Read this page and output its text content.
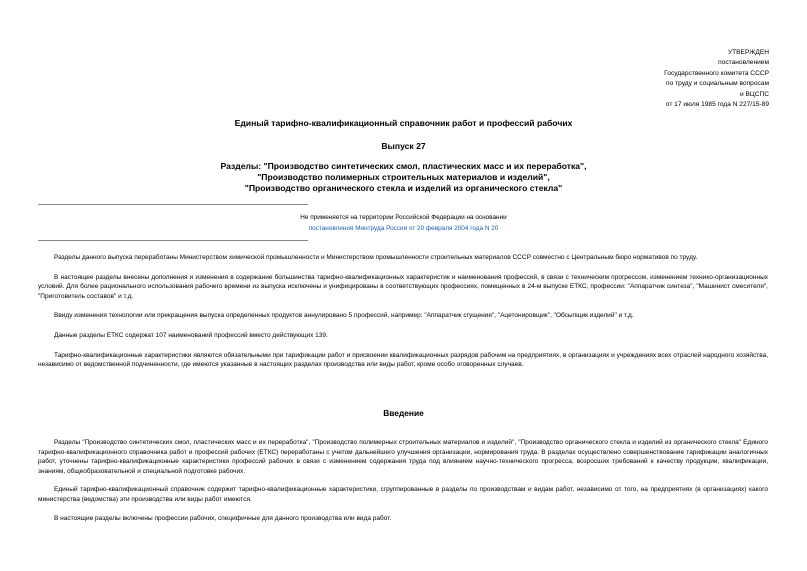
УТВЕРЖДЕН
постановлением
Государственного комитета СССР
по труду и социальным вопросам
и ВЦСПС
от 17 июля 1985 года N 227/15-89
Единый тарифно-квалификационный справочник работ и профессий рабочих
Выпуск 27
Разделы: "Производство синтетических смол, пластических масс и их переработка",
"Производство полимерных строительных материалов и изделий",
"Производство органического стекла и изделий из органического стекла"
Не применяется на территории Российской Федерации на основании
постановления Минтруда России от 20 февраля 2004 года N 20

Разделы данного выпуска переработаны Министерством химической промышленности и Министерством промышленности строительных материалов СССР совместно с Центральным бюро нормативов по труду.

В настоящее разделы внесены дополнения и изменения в содержание большинства тарифно-квалификационных характеристик и наименования профессий, в связи с техническим прогрессом, изменением технико-организационных условий. Для более рационального использования рабочего времени из выпуска исключены и унифицированы в соответствующих профессиях, помещенных в 24-м выпуске ЕТКС, профессии: "Аппаратчик синтеза", "Машинист смесителя", "Приготовитель составов" и т.д.

Ввиду изменения технологии или прекращения выпуска определенных продуктов аннулировано 5 профессий, например: "Аппаратчик сгущения", "Ацетонировщик", "Обсыпщик изделий" и т.д.

Данные разделы ЕТКС содержат 107 наименований профессий вместо действующих 139.

Тарифно-квалификационные характеристики являются обязательными при тарификации работ и присвоении квалификационных разрядов рабочим на предприятиях, в организациях и учреждениях всех отраслей народного хозяйства, независимо от ведомственной подчиненности, где имеются указанные в настоящих разделах производства или виды работ, кроме особо оговоренных случаев.

Введение

Разделы "Производство синтетических смол, пластических масс и их переработка", "Производство полимерных строительных материалов и изделий", "Производство органического стекла и изделий из органического стекла" Единого тарифно-квалификационного справочника работ и профессий рабочих (ЕТКС) переработаны с учетом дальнейшего улучшения организации, нормирования труда. В разделах осуществлено совершенствование тарификации аналогичных работ, уточнены тарифно-квалификационные характеристики профессий рабочих в связи с изменением содержания труда под влиянием научно-технического прогресса, возросших требований к качеству продукции, квалификации, знаниям, общеобразовательной и специальной подготовке рабочих.

Единый тарифно-квалификационный справочник содержит тарифно-квалификационные характеристики, сгруппированные в разделы по производствам и видам работ, независимо от того, на предприятиях (в организациях) какого министерства (ведомства) эти производства или виды работ имеются.

В настоящие разделы включены профессии рабочих, специфичные для данного производства или вида работ.
